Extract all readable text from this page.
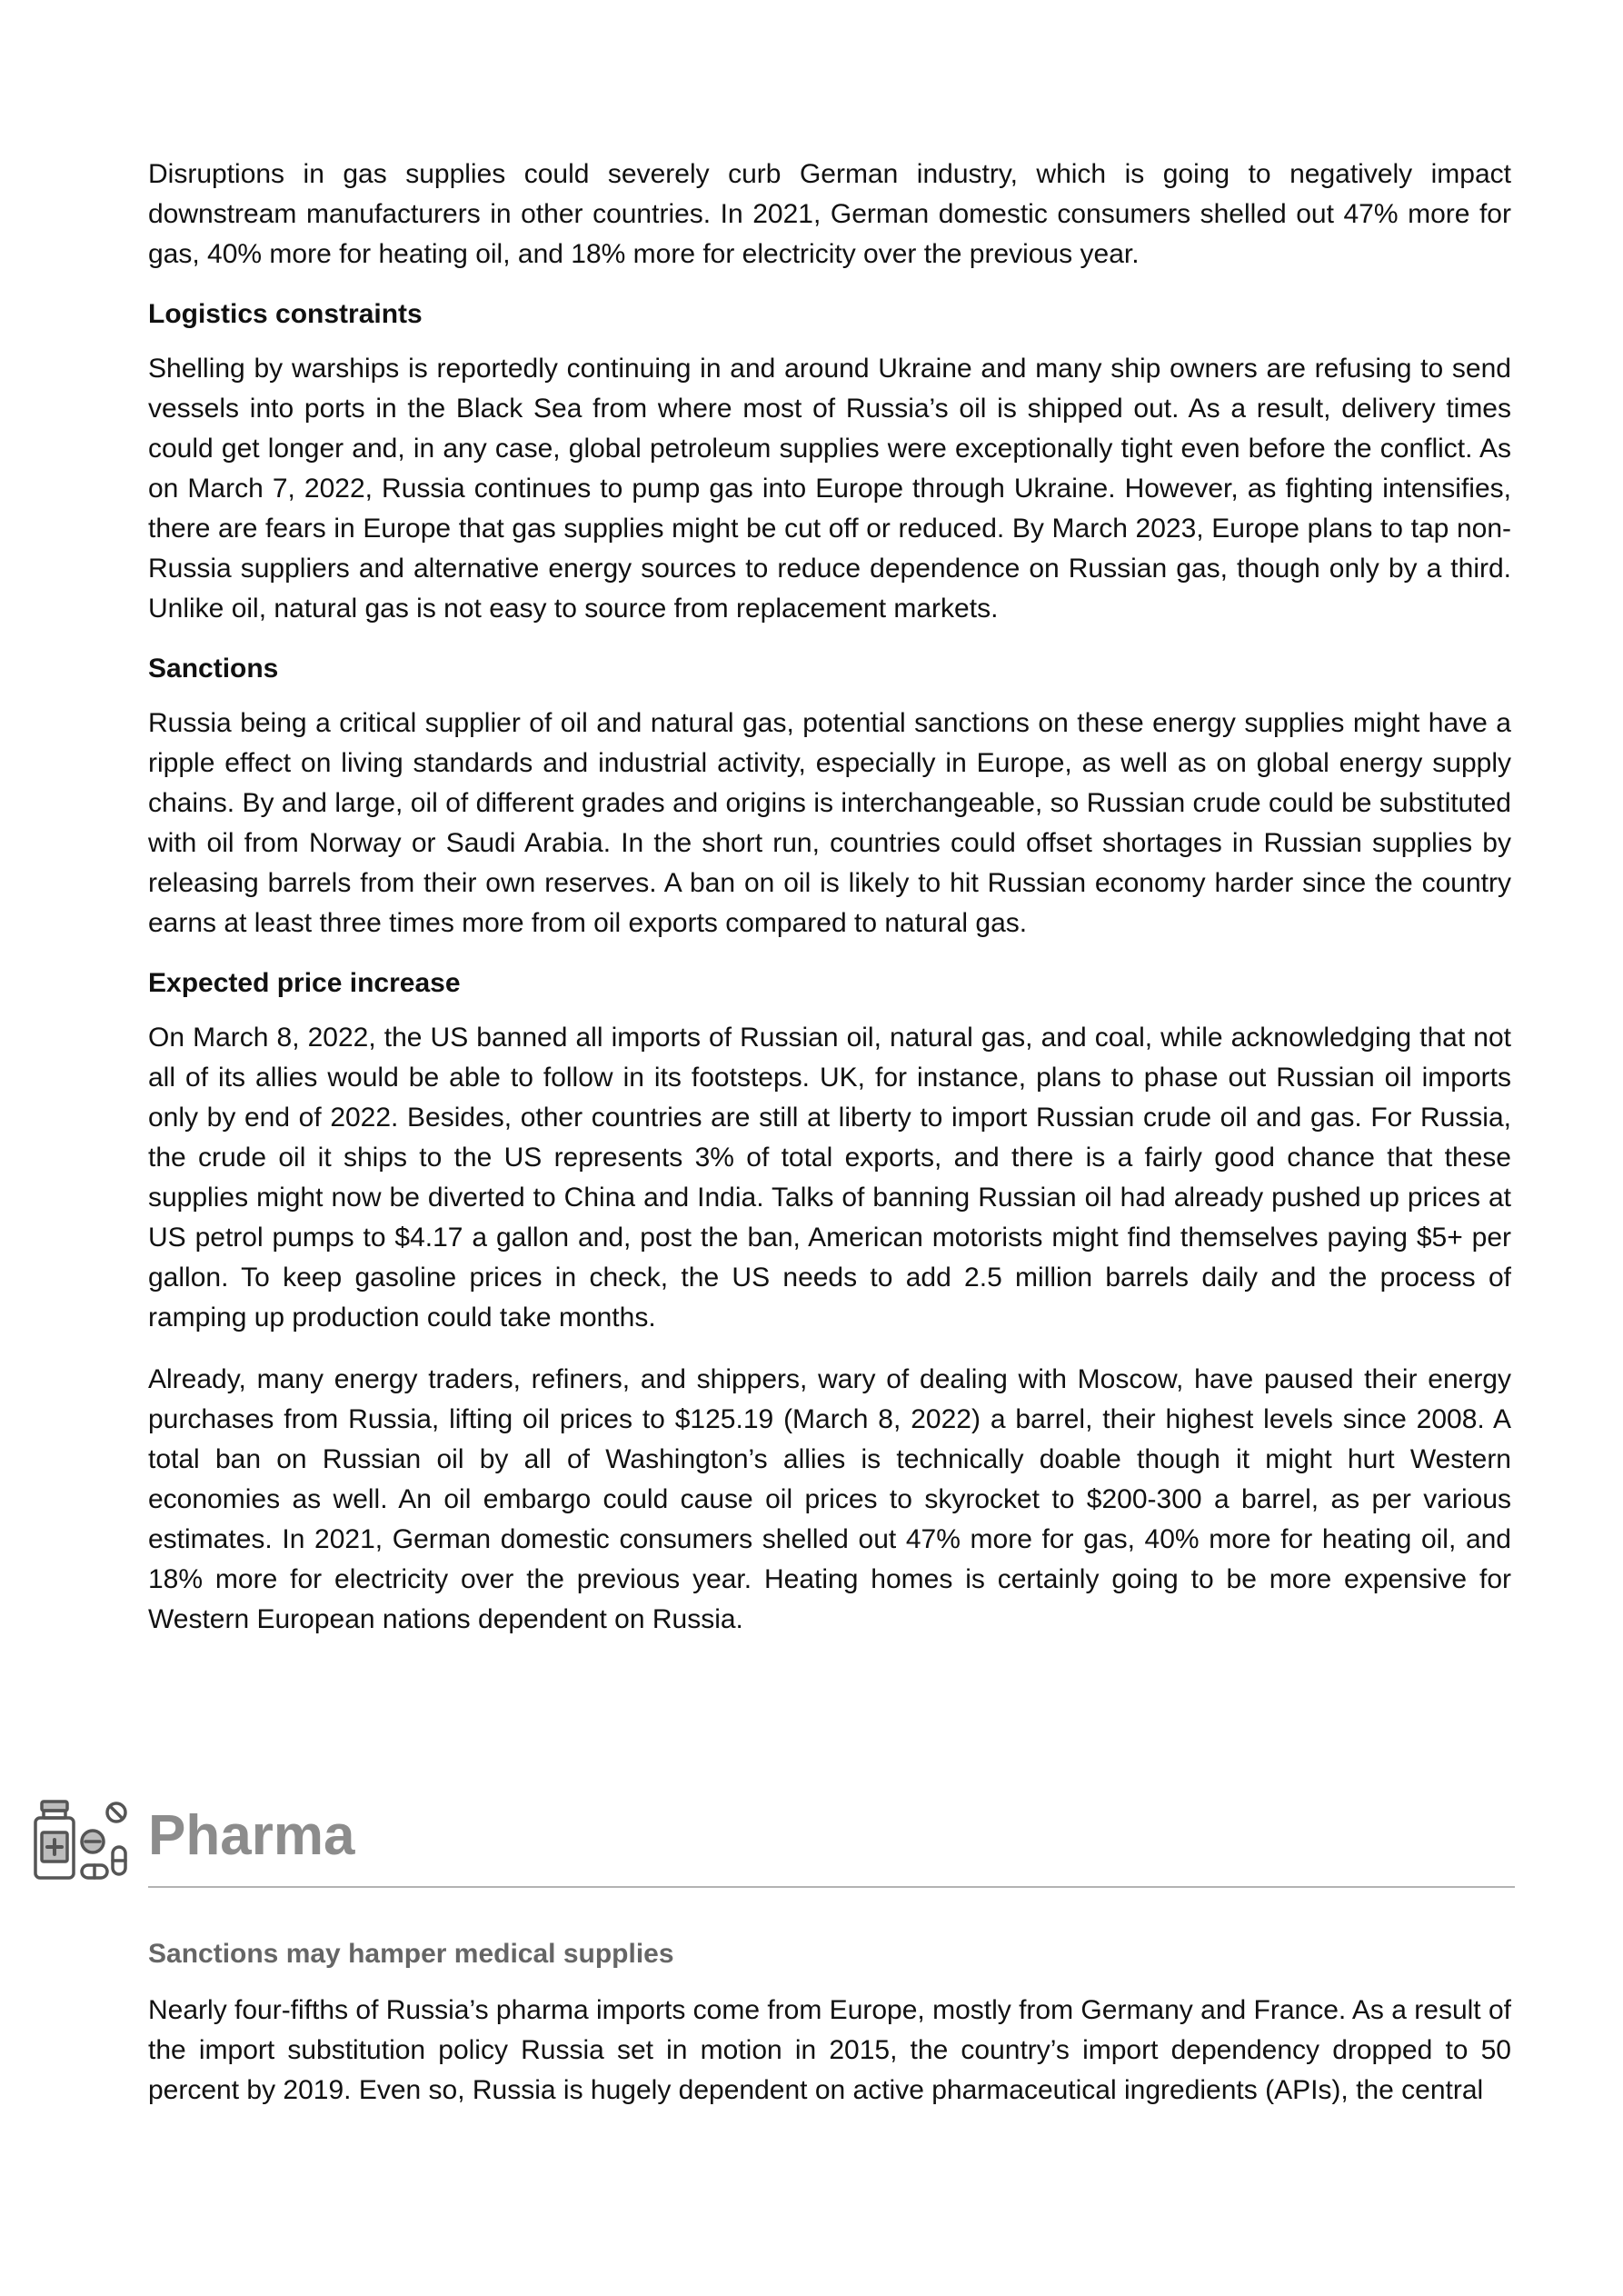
Disruptions in gas supplies could severely curb German industry, which is going to negatively impact downstream manufacturers in other countries. In 2021, German domestic consumers shelled out 47% more for gas, 40% more for heating oil, and 18% more for electricity over the previous year.

Logistics constraints

Shelling by warships is reportedly continuing in and around Ukraine and many ship owners are refusing to send vessels into ports in the Black Sea from where most of Russia’s oil is shipped out. As a result, delivery times could get longer and, in any case, global petroleum supplies were exceptionally tight even before the conflict. As on March 7, 2022, Russia continues to pump gas into Europe through Ukraine. However, as fighting intensifies, there are fears in Europe that gas supplies might be cut off or reduced. By March 2023, Europe plans to tap non-Russia suppliers and alternative energy sources to reduce dependence on Russian gas, though only by a third. Unlike oil, natural gas is not easy to source from replacement markets.

Sanctions

Russia being a critical supplier of oil and natural gas, potential sanctions on these energy supplies might have a ripple effect on living standards and industrial activity, especially in Europe, as well as on global energy supply chains. By and large, oil of different grades and origins is interchangeable, so Russian crude could be substituted with oil from Norway or Saudi Arabia. In the short run, countries could offset shortages in Russian supplies by releasing barrels from their own reserves. A ban on oil is likely to hit Russian economy harder since the country earns at least three times more from oil exports compared to natural gas.

Expected price increase

On March 8, 2022, the US banned all imports of Russian oil, natural gas, and coal, while acknowledging that not all of its allies would be able to follow in its footsteps. UK, for instance, plans to phase out Russian oil imports only by end of 2022. Besides, other countries are still at liberty to import Russian crude oil and gas. For Russia, the crude oil it ships to the US represents 3% of total exports, and there is a fairly good chance that these supplies might now be diverted to China and India. Talks of banning Russian oil had already pushed up prices at US petrol pumps to $4.17 a gallon and, post the ban, American motorists might find themselves paying $5+ per gallon. To keep gasoline prices in check, the US needs to add 2.5 million barrels daily and the process of ramping up production could take months.

Already, many energy traders, refiners, and shippers, wary of dealing with Moscow, have paused their energy purchases from Russia, lifting oil prices to $125.19 (March 8, 2022) a barrel, their highest levels since 2008. A total ban on Russian oil by all of Washington’s allies is technically doable though it might hurt Western economies as well. An oil embargo could cause oil prices to skyrocket to $200-300 a barrel, as per various estimates. In 2021, German domestic consumers shelled out 47% more for gas, 40% more for heating oil, and 18% more for electricity over the previous year. Heating homes is certainly going to be more expensive for Western European nations dependent on Russia.

Pharma
Sanctions may hamper medical supplies

Nearly four-fifths of Russia’s pharma imports come from Europe, mostly from Germany and France. As a result of the import substitution policy Russia set in motion in 2015, the country’s import dependency dropped to 50 percent by 2019. Even so, Russia is hugely dependent on active pharmaceutical ingredients (APIs), the central
